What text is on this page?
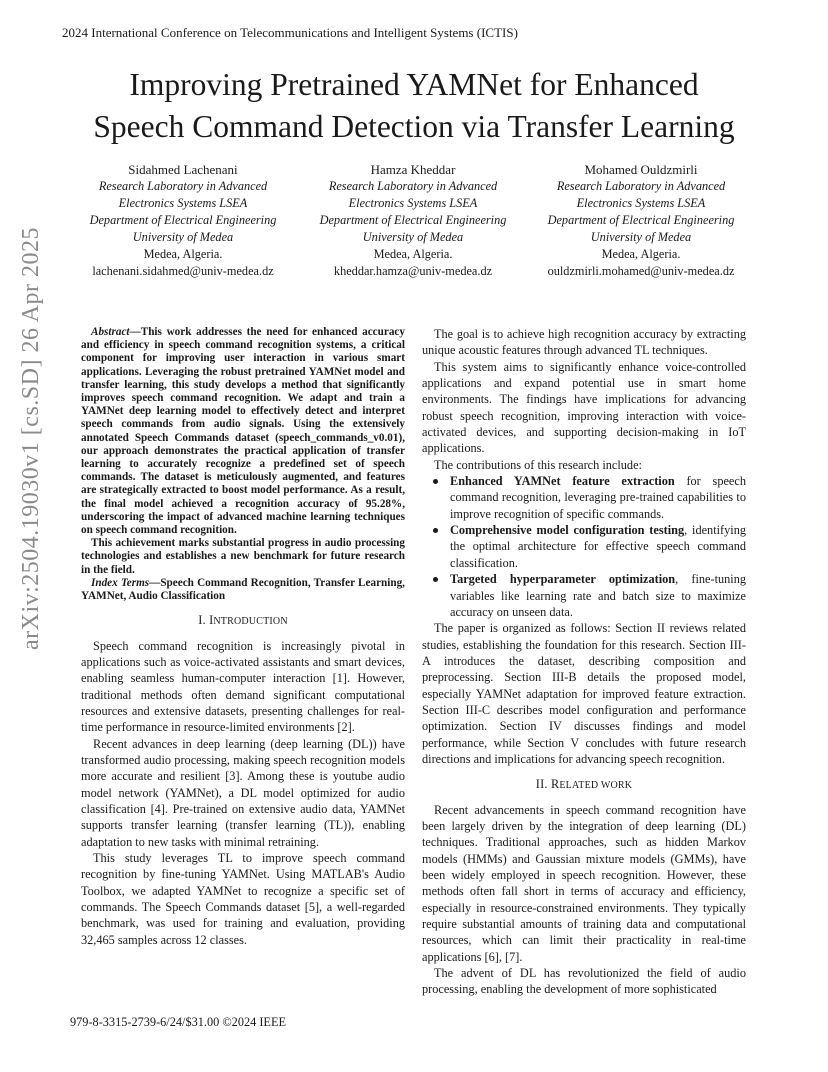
2024 International Conference on Telecommunications and Intelligent Systems (ICTIS)
Improving Pretrained YAMNet for Enhanced
Speech Command Detection via Transfer Learning
Sidahmed Lachenani
Research Laboratory in Advanced
Electronics Systems LSEA
Department of Electrical Engineering
University of Medea
Medea, Algeria.
lachenani.sidahmed@univ-medea.dz
Hamza Kheddar
Research Laboratory in Advanced
Electronics Systems LSEA
Department of Electrical Engineering
University of Medea
Medea, Algeria.
kheddar.hamza@univ-medea.dz
Mohamed Ouldzmirli
Research Laboratory in Advanced
Electronics Systems LSEA
Department of Electrical Engineering
University of Medea
Medea, Algeria.
ouldzmirli.mohamed@univ-medea.dz
arXiv:2504.19030v1 [cs.SD] 26 Apr 2025	Abstract—This work addresses the need for enhanced accuracy and efficiency in speech command recognition systems, a critical component for improving user interaction in various smart applications. Leveraging the robust pretrained YAMNet model and transfer learning, this study develops a method that significantly improves speech command recognition. We adapt and train a YAMNet deep learning model to effectively detect and interpret speech commands from audio signals. Using the extensively annotated Speech Commands dataset (speech_commands_v0.01), our approach demonstrates the practical application of transfer learning to accurately recognize a predefined set of speech commands. The dataset is meticulously augmented, and features are strategically extracted to boost model performance. As a result, the final model achieved a recognition accuracy of 95.28%, underscoring the impact of advanced machine learning techniques on speech command recognition.

This achievement marks substantial progress in audio processing technologies and establishes a new benchmark for future research in the field.

Index Terms—Speech Command Recognition, Transfer Learning, YAMNet, Audio Classification

I. INTRODUCTION

Speech command recognition is increasingly pivotal in applications such as voice-activated assistants and smart devices, enabling seamless human-computer interaction [1]. However, traditional methods often demand significant computational resources and extensive datasets, presenting challenges for real-time performance in resource-limited environments [2].

Recent advances in deep learning (deep learning (DL)) have transformed audio processing, making speech recognition models more accurate and resilient [3]. Among these is youtube audio model network (YAMNet), a DL model optimized for audio classification [4]. Pre-trained on extensive audio data, YAMNet supports transfer learning (transfer learning (TL)), enabling adaptation to new tasks with minimal retraining.

This study leverages TL to improve speech command recognition by fine-tuning YAMNet. Using MATLAB's Audio Toolbox, we adapted YAMNet to recognize a specific set of commands. The Speech Commands dataset [5], a well-regarded benchmark, was used for training and evaluation, providing 32,465 samples across 12 classes.

The goal is to achieve high recognition accuracy by extracting unique acoustic features through advanced TL techniques.

This system aims to significantly enhance voice-controlled applications and expand potential use in smart home environments. The findings have implications for advancing robust speech recognition, improving interaction with voice-activated devices, and supporting decision-making in IoT applications.

The contributions of this research include:

Enhanced YAMNet feature extraction for speech command recognition, leveraging pre-trained capabilities to improve recognition of specific commands.
Comprehensive model configuration testing, identifying the optimal architecture for effective speech command classification.
Targeted hyperparameter optimization, fine-tuning variables like learning rate and batch size to maximize accuracy on unseen data.

The paper is organized as follows: Section II reviews related studies, establishing the foundation for this research. Section III-A introduces the dataset, describing composition and preprocessing. Section III-B details the proposed model, especially YAMNet adaptation for improved feature extraction. Section III-C describes model configuration and performance optimization. Section IV discusses findings and model performance, while Section V concludes with future research directions and implications for advancing speech recognition.

II. RELATED WORK

Recent advancements in speech command recognition have been largely driven by the integration of deep learning (DL) techniques. Traditional approaches, such as hidden Markov models (HMMs) and Gaussian mixture models (GMMs), have been widely employed in speech recognition. However, these methods often fall short in terms of accuracy and efficiency, especially in resource-constrained environments. They typically require substantial amounts of training data and computational resources, which can limit their practicality in real-time applications [6], [7].

The advent of DL has revolutionized the field of audio processing, enabling the development of more sophisticated

979-8-3315-2739-6/24/$31.00 ©2024 IEEE
